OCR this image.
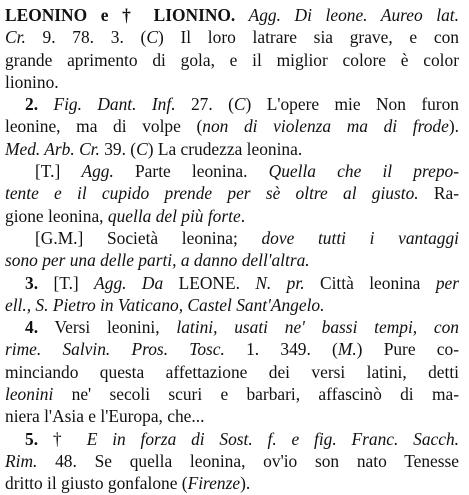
LEONINO e † LIONINO. Agg. Di leone. Aureo lat.
Cr. 9. 78. 3. (C) Il loro latrare sia grave, e con
grande aprimento di gola, e il miglior colore è color
lionino.
2. Fig. Dant. Inf. 27. (C) L'opere mie Non furon
leonine, ma di volpe (non di violenza ma di frode).
Med. Arb. Cr. 39. (C) La crudezza leonina.
[T.] Agg. Parte leonina. Quella che il prepo-
tente e il cupido prende per sè oltre al giusto. Ra-
gione leonina, quella del più forte.
[G.M.] Società leonina; dove tutti i vantaggi
sono per una delle parti, a danno dell'altra.
3. [T.] Agg. Da LEONE. N. pr. Città leonina per
ell., S. Pietro in Vaticano, Castel Sant'Angelo.
4. Versi leonini, latini, usati ne' bassi tempi, con
rime. Salvin. Pros. Tosc. 1. 349. (M.) Pure co-
minciando questa affettazione dei versi latini, detti
leonini ne' secoli scuri e barbari, affascinò di ma-
niera l'Asia e l'Europa, che...
5. † E in forza di Sost. f. e fig. Franc. Sacch.
Rim. 48. Se quella leonina, ov'io son nato Tenesse
dritto il giusto gonfalone (Firenze).
